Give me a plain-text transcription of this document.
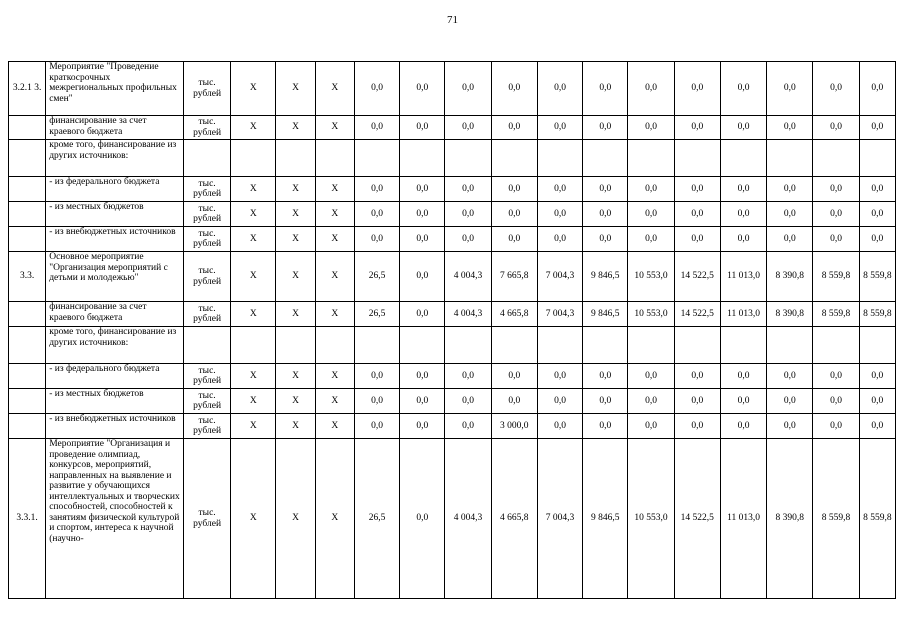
71
3.2.1 3.	Мероприятие "Проведение краткосрочных межрегиональных профильных смен"	тыс. рублей	X	X	X	0,0	0,0	0,0	0,0	0,0	0,0	0,0	0,0	0,0	0,0	0,0	0,0
	финансирование за счет краевого бюджета	тыс. рублей	X	X	X	0,0	0,0	0,0	0,0	0,0	0,0	0,0	0,0	0,0	0,0	0,0	0,0
	кроме того, финансирование из других источников:																
	- из федерального бюджета	тыс. рублей	X	X	X	0,0	0,0	0,0	0,0	0,0	0,0	0,0	0,0	0,0	0,0	0,0	0,0
	- из местных бюджетов	тыс. рублей	X	X	X	0,0	0,0	0,0	0,0	0,0	0,0	0,0	0,0	0,0	0,0	0,0	0,0
	- из внебюджетных источников	тыс. рублей	X	X	X	0,0	0,0	0,0	0,0	0,0	0,0	0,0	0,0	0,0	0,0	0,0	0,0
3.3.	Основное мероприятие "Организация мероприятий с детьми и молодежью"	тыс. рублей	X	X	X	26,5	0,0	4 004,3	7 665,8	7 004,3	9 846,5	10 553,0	14 522,5	11 013,0	8 390,8	8 559,8	8 559,8
	финансирование за счет краевого бюджета	тыс. рублей	X	X	X	26,5	0,0	4 004,3	4 665,8	7 004,3	9 846,5	10 553,0	14 522,5	11 013,0	8 390,8	8 559,8	8 559,8
	кроме того, финансирование из других источников:																
	- из федерального бюджета	тыс. рублей	X	X	X	0,0	0,0	0,0	0,0	0,0	0,0	0,0	0,0	0,0	0,0	0,0	0,0
	- из местных бюджетов	тыс. рублей	X	X	X	0,0	0,0	0,0	0,0	0,0	0,0	0,0	0,0	0,0	0,0	0,0	0,0
	- из внебюджетных источников	тыс. рублей	X	X	X	0,0	0,0	0,0	3 000,0	0,0	0,0	0,0	0,0	0,0	0,0	0,0	0,0
3.3.1.	Мероприятие "Организация и проведение олимпиад, конкурсов, мероприятий, направленных на выявление и развитие у обучающихся интеллектуальных и творческих способностей, способностей к занятиям физической культурой и спортом, интереса к научной (научно-	тыс. рублей	X	X	X	26,5	0,0	4 004,3	4 665,8	7 004,3	9 846,5	10 553,0	14 522,5	11 013,0	8 390,8	8 559,8	8 559,8
